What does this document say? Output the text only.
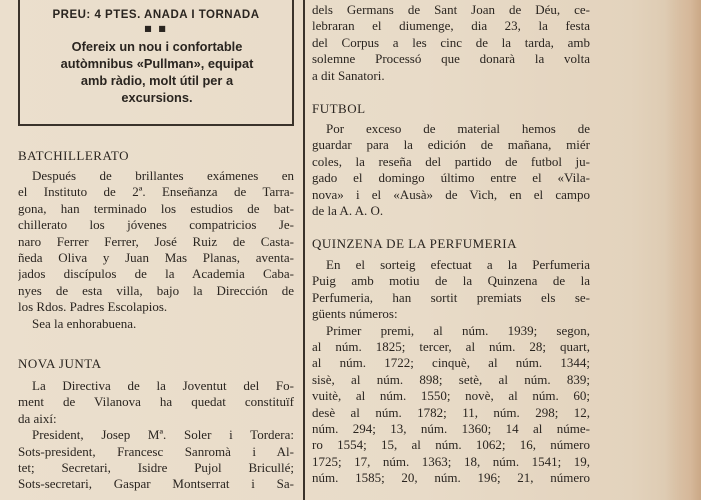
PREU: 4 PTES. ANADA I TORNADA
■ ■
Ofereix un nou i confortable
autòmnibus «Pullman», equipat
amb ràdio, molt útil per a
excursions.
BATCHILLERATO
Después de brillantes exámenes en
el Instituto de 2ª. Enseñanza de Tarra-
gona, han terminado los estudios de bat-
chillerato los jóvenes compatricios Je-
naro Ferrer Ferrer, José Ruiz de Casta-
ñeda Oliva y Juan Mas Planas, aventa-
jados discípulos de la Academia Caba-
nyes de esta villa, bajo la Dirección de
los Rdos. Padres Escolapios.
Sea la enhorabuena.
NOVA JUNTA
La Directiva de la Joventut del Fo-
ment de Vilanova ha quedat constituïf
da així:
President, Josep Mª. Soler i Tordera:
Sots-president, Francesc Sanromà i Al-
tet; Secretari, Isidre Pujol Bricullé;
Sots-secretari, Gaspar Montserrat i Sa-
dels Germans de Sant Joan de Déu, ce-
lebraran el diumenge, dia 23, la festa
del Corpus a les cinc de la tarda, amb
solemne Processó que donarà la volta
a dit Sanatori.
FUTBOL
Por exceso de material hemos de
guardar para la edición de mañana, miér
coles, la reseña del partido de futbol ju-
gado el domingo último entre el «Vila-
nova» i el «Ausà» de Vich, en el campo
de la A. A. O.
QUINZENA DE LA PERFUMERIA
En el sorteig efectuat a la Perfumeria
Puig amb motiu de la Quinzena de la
Perfumeria, han sortit premiats els se-
güents números:
Primer premi, al núm. 1939; segon,
al núm. 1825; tercer, al núm. 28; quart,
al núm. 1722; cinquè, al núm. 1344;
sisè, al núm. 898; setè, al núm. 839;
vuitè, al núm. 1550; novè, al núm. 60;
desè al núm. 1782; 11, núm. 298; 12,
núm. 294; 13, núm. 1360; 14 al núme-
ro 1554; 15, al núm. 1062; 16, número
1725; 17, núm. 1363; 18, núm. 1541; 19,
núm. 1585; 20, núm. 196; 21, número
